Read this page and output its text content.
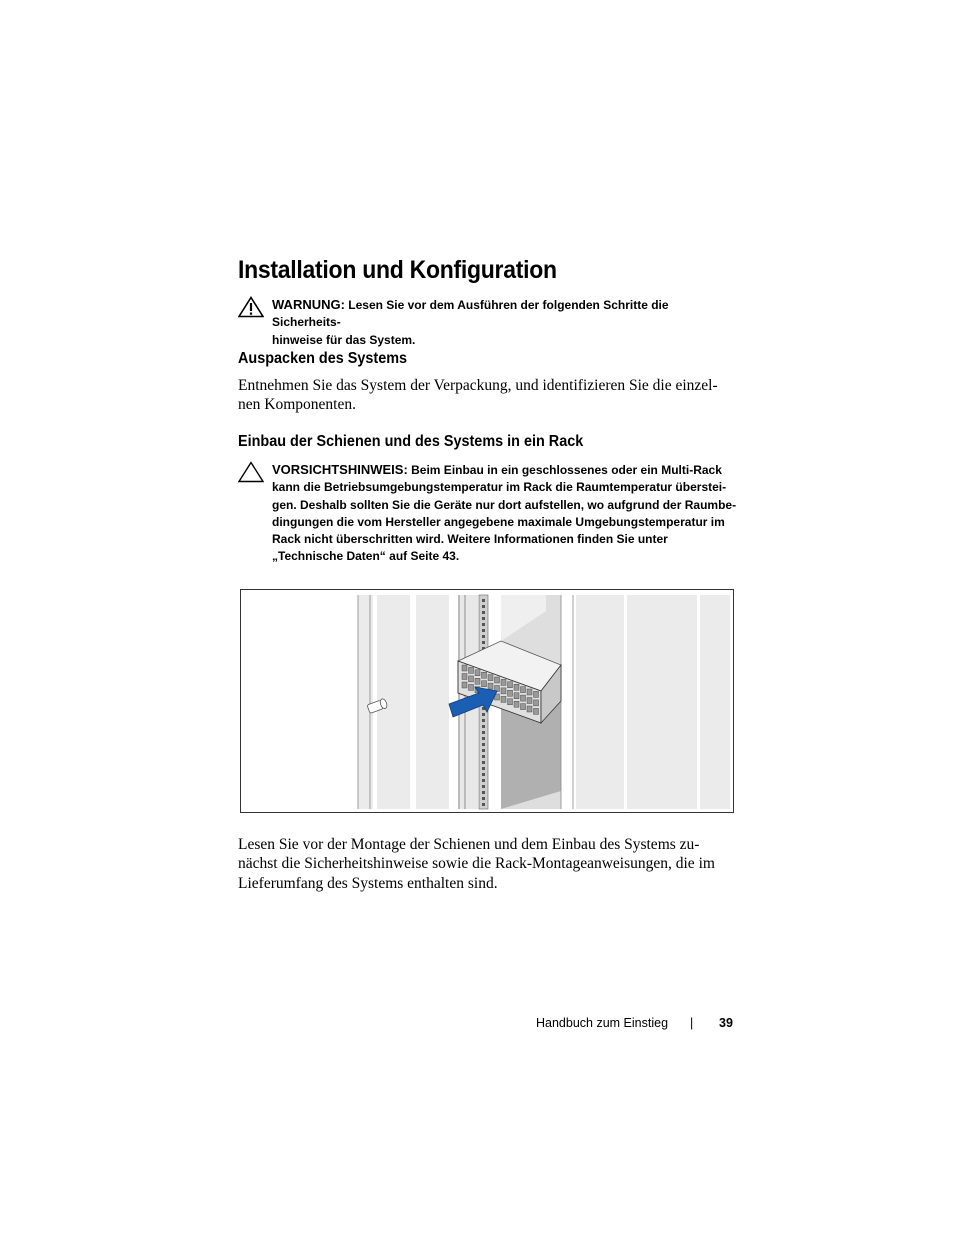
Installation und Konfiguration
WARNUNG: Lesen Sie vor dem Ausführen der folgenden Schritte die Sicherheits-
hinweise für das System.
Auspacken des Systems
Entnehmen Sie das System der Verpackung, und identifizieren Sie die einzel-
nen Komponenten.
Einbau der Schienen und des Systems in ein Rack
VORSICHTSHINWEIS: Beim Einbau in ein geschlossenes oder ein Multi-Rack
kann die Betriebsumgebungstemperatur im Rack die Raumtemperatur überstei-
gen. Deshalb sollten Sie die Geräte nur dort aufstellen, wo aufgrund der Raumbe-
dingungen die vom Hersteller angegebene maximale Umgebungstemperatur im
Rack nicht überschritten wird. Weitere Informationen finden Sie unter
„Technische Daten“ auf Seite 43.
Lesen Sie vor der Montage der Schienen und dem Einbau des Systems zu-
nächst die Sicherheitshinweise sowie die Rack-Montageanweisungen, die im
Lieferumfang des Systems enthalten sind.
Handbuch zum Einstieg | 39
